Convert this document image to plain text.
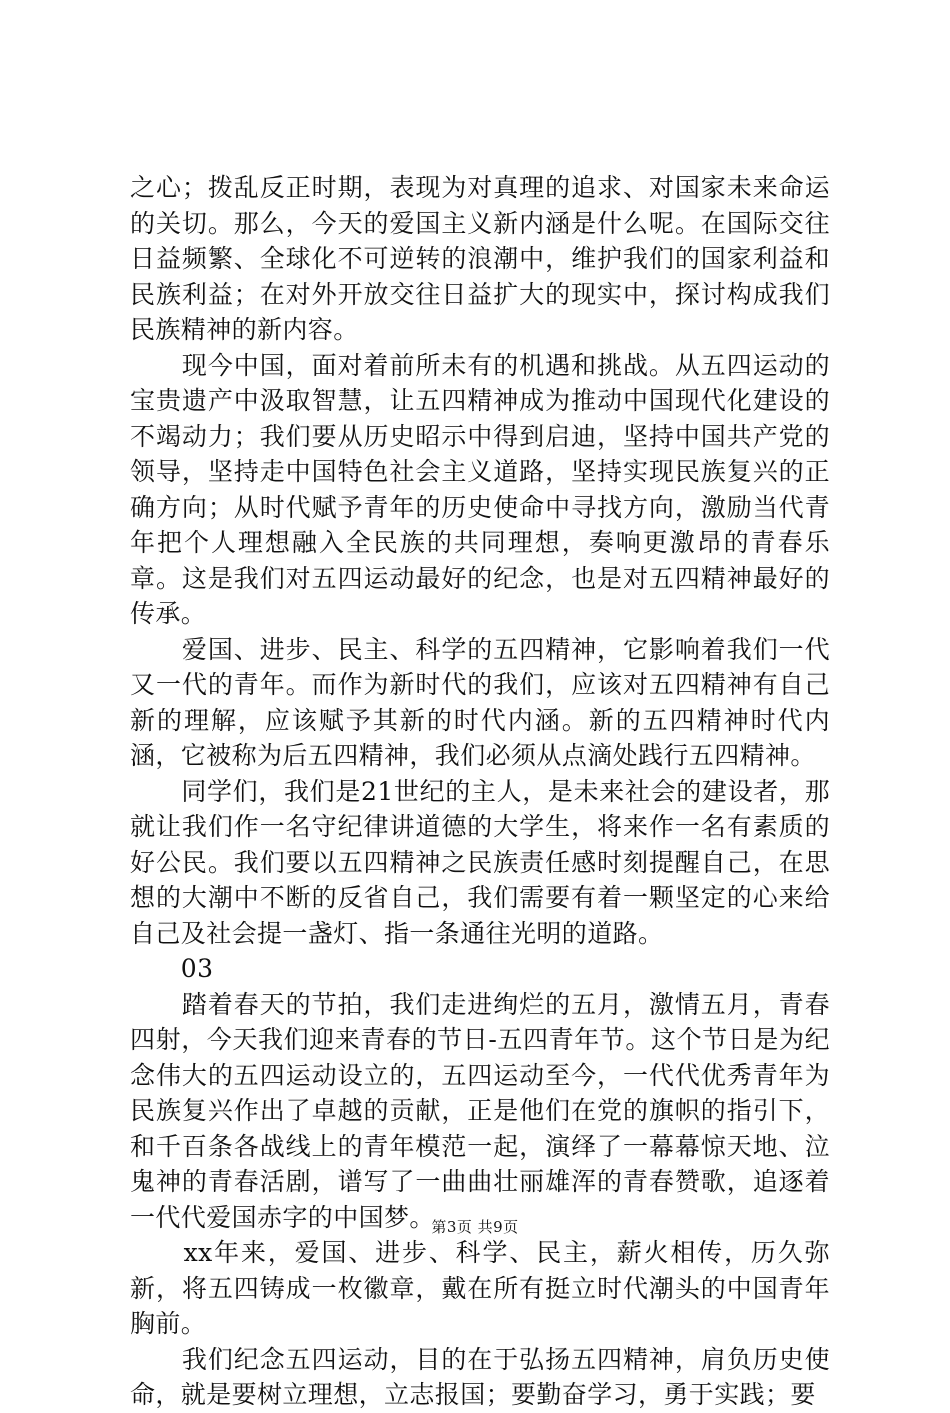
之心；拨乱反正时期，表现为对真理的追求、对国家未来命运的关切。那么，今天的爱国主义新内涵是什么呢。在国际交往日益频繁、全球化不可逆转的浪潮中，维护我们的国家利益和民族利益；在对外开放交往日益扩大的现实中，探讨构成我们民族精神的新内容。

　　现今中国，面对着前所未有的机遇和挑战。从五四运动的宝贵遗产中汲取智慧，让五四精神成为推动中国现代化建设的不竭动力；我们要从历史昭示中得到启迪，坚持中国共产党的领导，坚持走中国特色社会主义道路，坚持实现民族复兴的正确方向；从时代赋予青年的历史使命中寻找方向，激励当代青年把个人理想融入全民族的共同理想，奏响更激昂的青春乐章。这是我们对五四运动最好的纪念，也是对五四精神最好的传承。

　　爱国、进步、民主、科学的五四精神，它影响着我们一代又一代的青年。而作为新时代的我们，应该对五四精神有自己新的理解，应该赋予其新的时代内涵。新的五四精神时代内涵，它被称为后五四精神，我们必须从点滴处践行五四精神。

　　同学们，我们是21世纪的主人，是未来社会的建设者，那就让我们作一名守纪律讲道德的大学生，将来作一名有素质的好公民。我们要以五四精神之民族责任感时刻提醒自己，在思想的大潮中不断的反省自己，我们需要有着一颗坚定的心来给自己及社会提一盏灯、指一条通往光明的道路。

　　03

　　踏着春天的节拍，我们走进绚烂的五月，激情五月，青春四射，今天我们迎来青春的节日-五四青年节。这个节日是为纪念伟大的五四运动设立的，五四运动至今，一代代优秀青年为民族复兴作出了卓越的贡献，正是他们在党的旗帜的指引下，和千百条各战线上的青年模范一起，演绎了一幕幕惊天地、泣鬼神的青春活剧，谱写了一曲曲壮丽雄浑的青春赞歌，追逐着一代代爱国赤字的中国梦。

　　xx年来，爱国、进步、科学、民主，薪火相传，历久弥新，将五四铸成一枚徽章，戴在所有挺立时代潮头的中国青年胸前。

　　我们纪念五四运动，目的在于弘扬五四精神，肩负历史使命，就是要树立理想，立志报国；要勤奋学习，勇于实践；要

第3页 共9页
